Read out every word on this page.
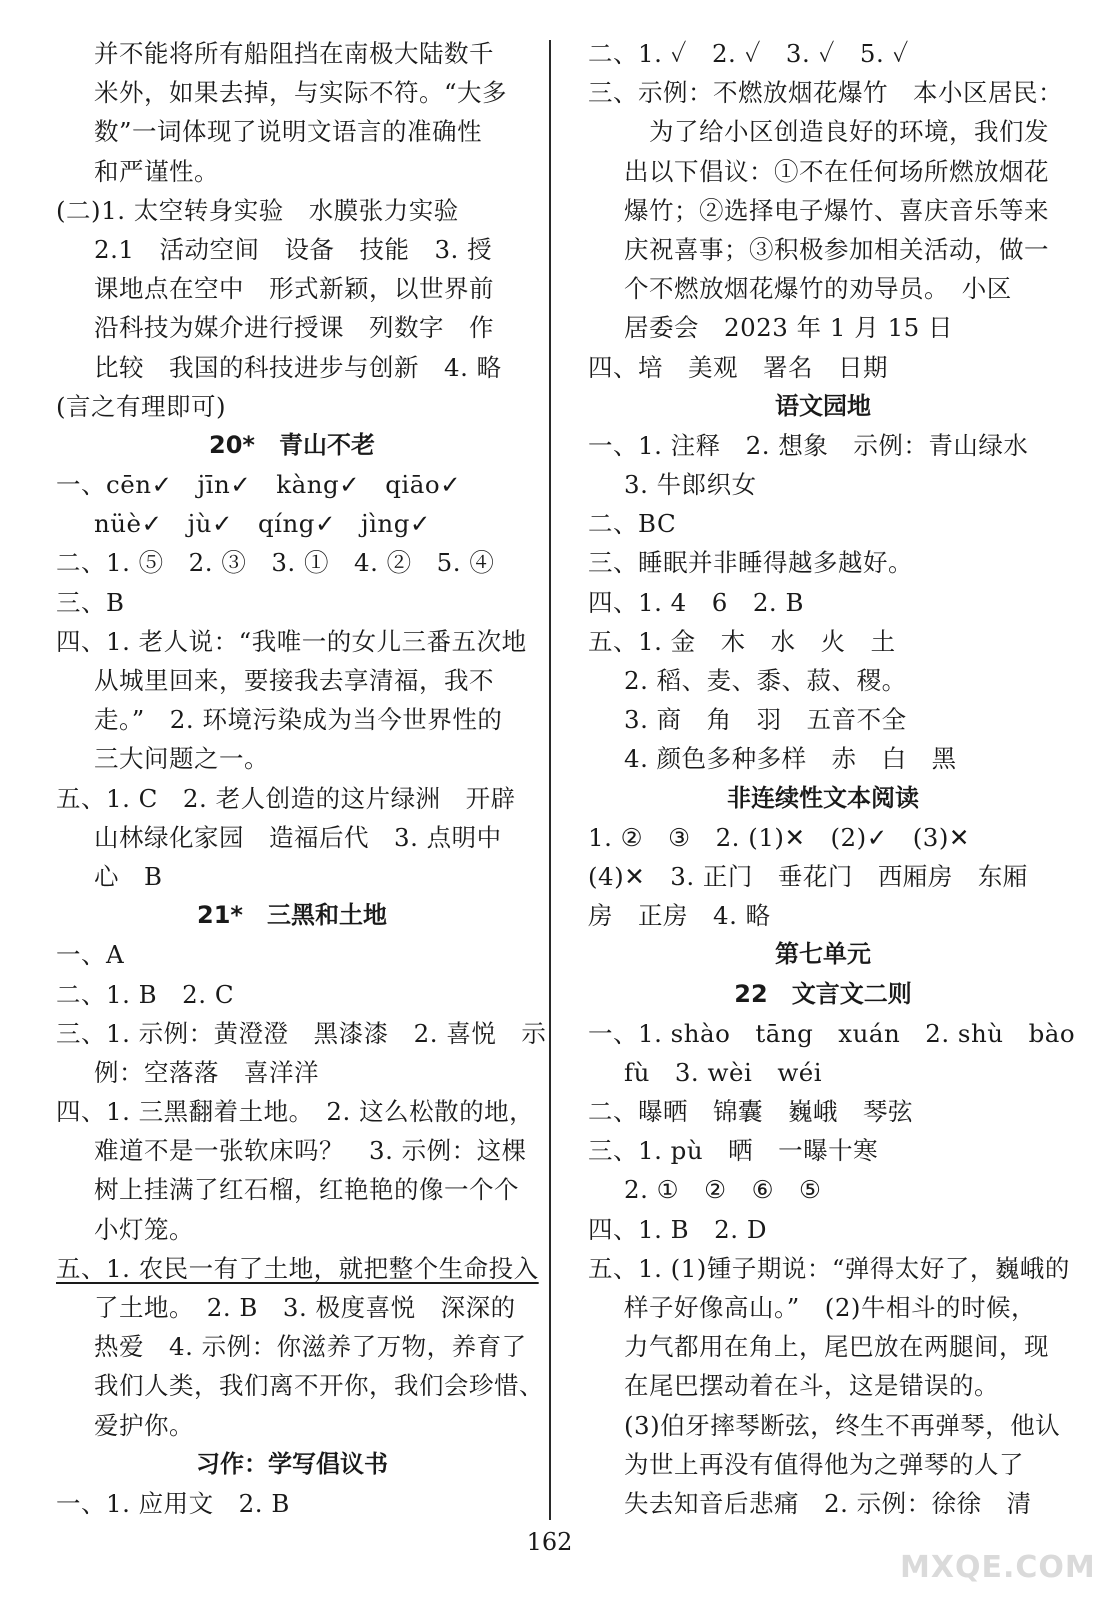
并不能将所有船阻挡在南极大陆数千
米外，如果去掉，与实际不符。“大多
数”一词体现了说明文语言的准确性
和严谨性。
(二)1. 太空转身实验　水膜张力实验
2.1　活动空间　设备　技能　3. 授
课地点在空中　形式新颖，以世界前
沿科技为媒介进行授课　列数字　作
比较　我国的科技进步与创新　4. 略
(言之有理即可)
20*　青山不老
一、cēn✓　jīn✓　kàng✓　qiāo✓
nüè✓　jù✓　qíng✓　jìng✓
二、1. ⑤　2. ③　3. ①　4. ②　5. ④
三、B
四、1. 老人说：“我唯一的女儿三番五次地
从城里回来，要接我去享清福，我不
走。”　2. 环境污染成为当今世界性的
三大问题之一。
五、1. C　2. 老人创造的这片绿洲　开辟
山林绿化家园　造福后代　3. 点明中
心　B
21*　三黑和土地
一、A
二、1. B　2. C
三、1. 示例：黄澄澄　黑漆漆　2. 喜悦　示
例：空落落　喜洋洋
四、1. 三黑翻着土地。　2. 这么松散的地，
难道不是一张软床吗？　3. 示例：这棵
树上挂满了红石榴，红艳艳的像一个个
小灯笼。
五、1. 农民一有了土地，就把整个生命投入
了土地。　2. B　3. 极度喜悦　深深的
热爱　4. 示例：你滋养了万物，养育了
我们人类，我们离不开你，我们会珍惜、
爱护你。
习作：学写倡议书
一、1. 应用文　2. B
二、1. ✓　2. ✓　3. ✓　5. ✓
三、示例：不燃放烟花爆竹　本小区居民：
　为了给小区创造良好的环境，我们发
出以下倡议：①不在任何场所燃放烟花
爆竹；②选择电子爆竹、喜庆音乐等来
庆祝喜事；③积极参加相关活动，做一
个不燃放烟花爆竹的劝导员。　小区
居委会　2023 年 1 月 15 日
四、培　美观　署名　日期
语文园地
一、1. 注释　2. 想象　示例：青山绿水
3. 牛郎织女
二、BC
三、睡眠并非睡得越多越好。
四、1. 4　6　2. B
五、1. 金　木　水　火　土
2. 稻、麦、黍、菽、稷。
3. 商　角　羽　五音不全
4. 颜色多种多样　赤　白　黑
非连续性文本阅读
1. ②　③　2. (1)✕　(2)✓　(3)✕
(4)✕　3. 正门　垂花门　西厢房　东厢
房　正房　4. 略
第七单元
22　文言文二则
一、1. shào　tāng　xuán　2. shù　bào
fù　3. wèi　wéi
二、曝晒　锦囊　巍峨　琴弦
三、1. pù　晒　一曝十寒
2. ①　②　⑥　⑤
四、1. B　2. D
五、1. (1)锺子期说：“弹得太好了，巍峨的
样子好像高山。”　(2)牛相斗的时候，
力气都用在角上，尾巴放在两腿间，现
在尾巴摆动着在斗，这是错误的。
(3)伯牙摔琴断弦，终生不再弹琴，他认
为世上再没有值得他为之弹琴的人了
失去知音后悲痛　2. 示例：徐徐　清
162
MXQE.COM
